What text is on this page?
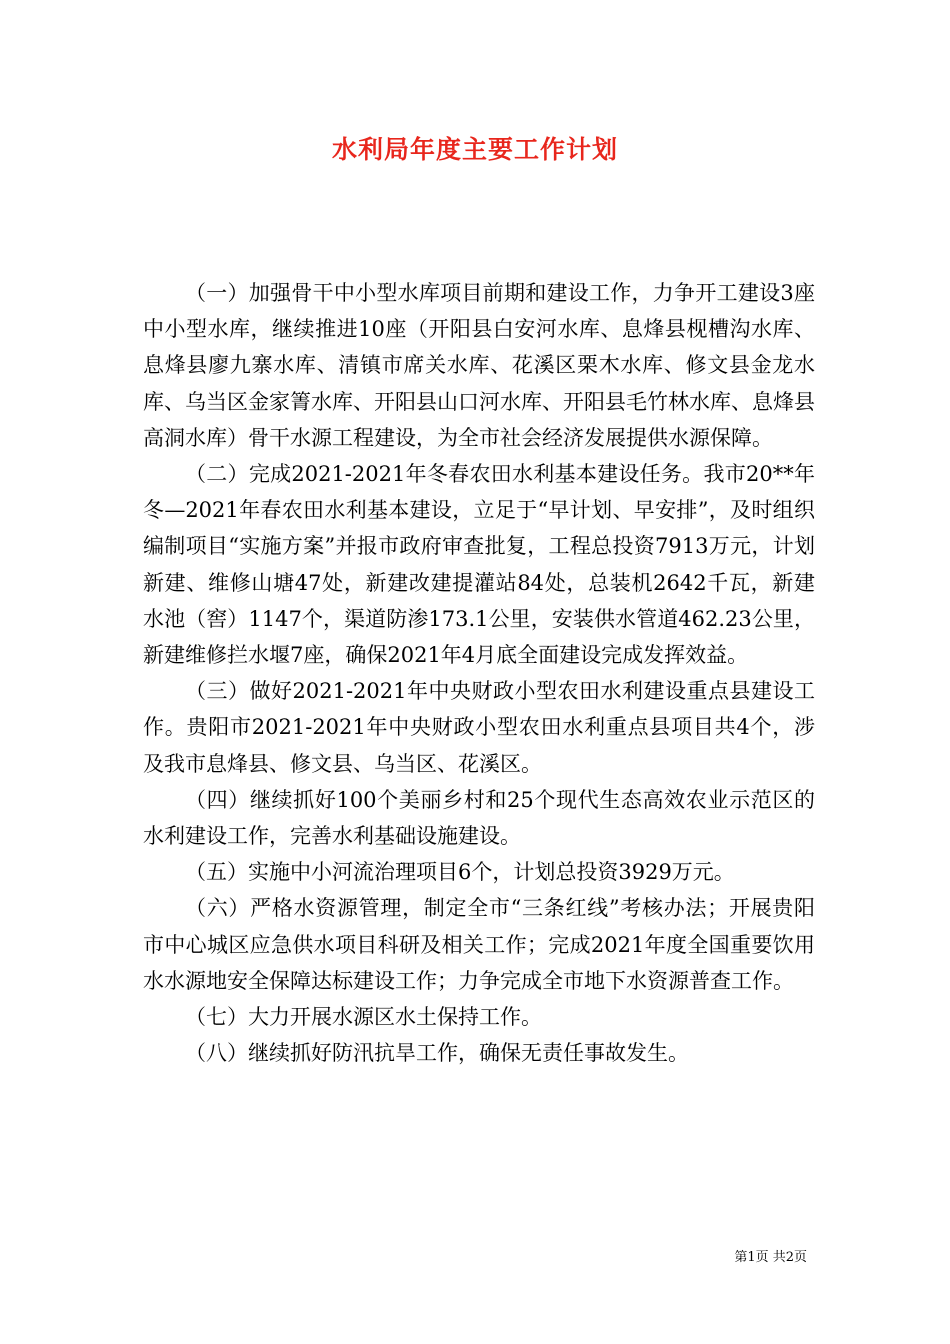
水利局年度主要工作计划

（一）加强骨干中小型水库项目前期和建设工作，力争开工建设3座中小型水库，继续推进10座（开阳县白安河水库、息烽县枧槽沟水库、息烽县廖九寨水库、清镇市席关水库、花溪区栗木水库、修文县金龙水库、乌当区金家箐水库、开阳县山口河水库、开阳县毛竹林水库、息烽县高洞水库）骨干水源工程建设，为全市社会经济发展提供水源保障。

（二）完成2021-2021年冬春农田水利基本建设任务。我市20**年冬—2021年春农田水利基本建设，立足于“早计划、早安排”，及时组织编制项目“实施方案”并报市政府审查批复，工程总投资7913万元，计划新建、维修山塘47处，新建改建提灌站84处，总装机2642千瓦，新建水池（窖）1147个，渠道防渗173.1公里，安装供水管道462.23公里，新建维修拦水堰7座，确保2021年4月底全面建设完成发挥效益。

（三）做好2021-2021年中央财政小型农田水利建设重点县建设工作。贵阳市2021-2021年中央财政小型农田水利重点县项目共4个，涉及我市息烽县、修文县、乌当区、花溪区。

（四）继续抓好100个美丽乡村和25个现代生态高效农业示范区的水利建设工作，完善水利基础设施建设。

（五）实施中小河流治理项目6个，计划总投资3929万元。

（六）严格水资源管理，制定全市“三条红线”考核办法；开展贵阳市中心城区应急供水项目科研及相关工作；完成2021年度全国重要饮用水水源地安全保障达标建设工作；力争完成全市地下水资源普查工作。

（七）大力开展水源区水土保持工作。

（八）继续抓好防汛抗旱工作，确保无责任事故发生。

第1页 共2页
